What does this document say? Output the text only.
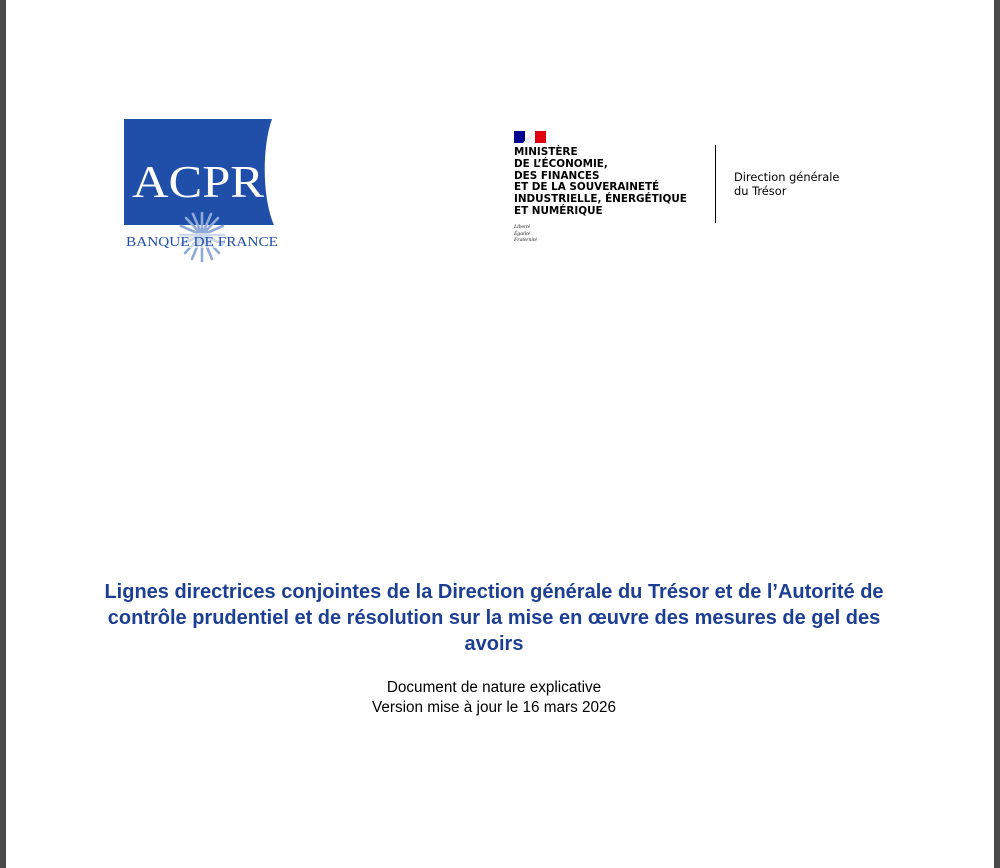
ACPR
BANQUE DE FRANCE

MINISTÈRE
DE L’ÉCONOMIE,
DES FINANCES
ET DE LA SOUVERAINETÉ
INDUSTRIELLE, ÉNERGÉTIQUE
ET NUMÉRIQUE

Liberté
Égalité
Fraternité

Direction générale
du Trésor

Lignes directrices conjointes de la Direction générale du Trésor et de l’Autorité de contrôle prudentiel et de résolution sur la mise en œuvre des mesures de gel des avoirs
Document de nature explicative
Version mise à jour le 16 mars 2026
